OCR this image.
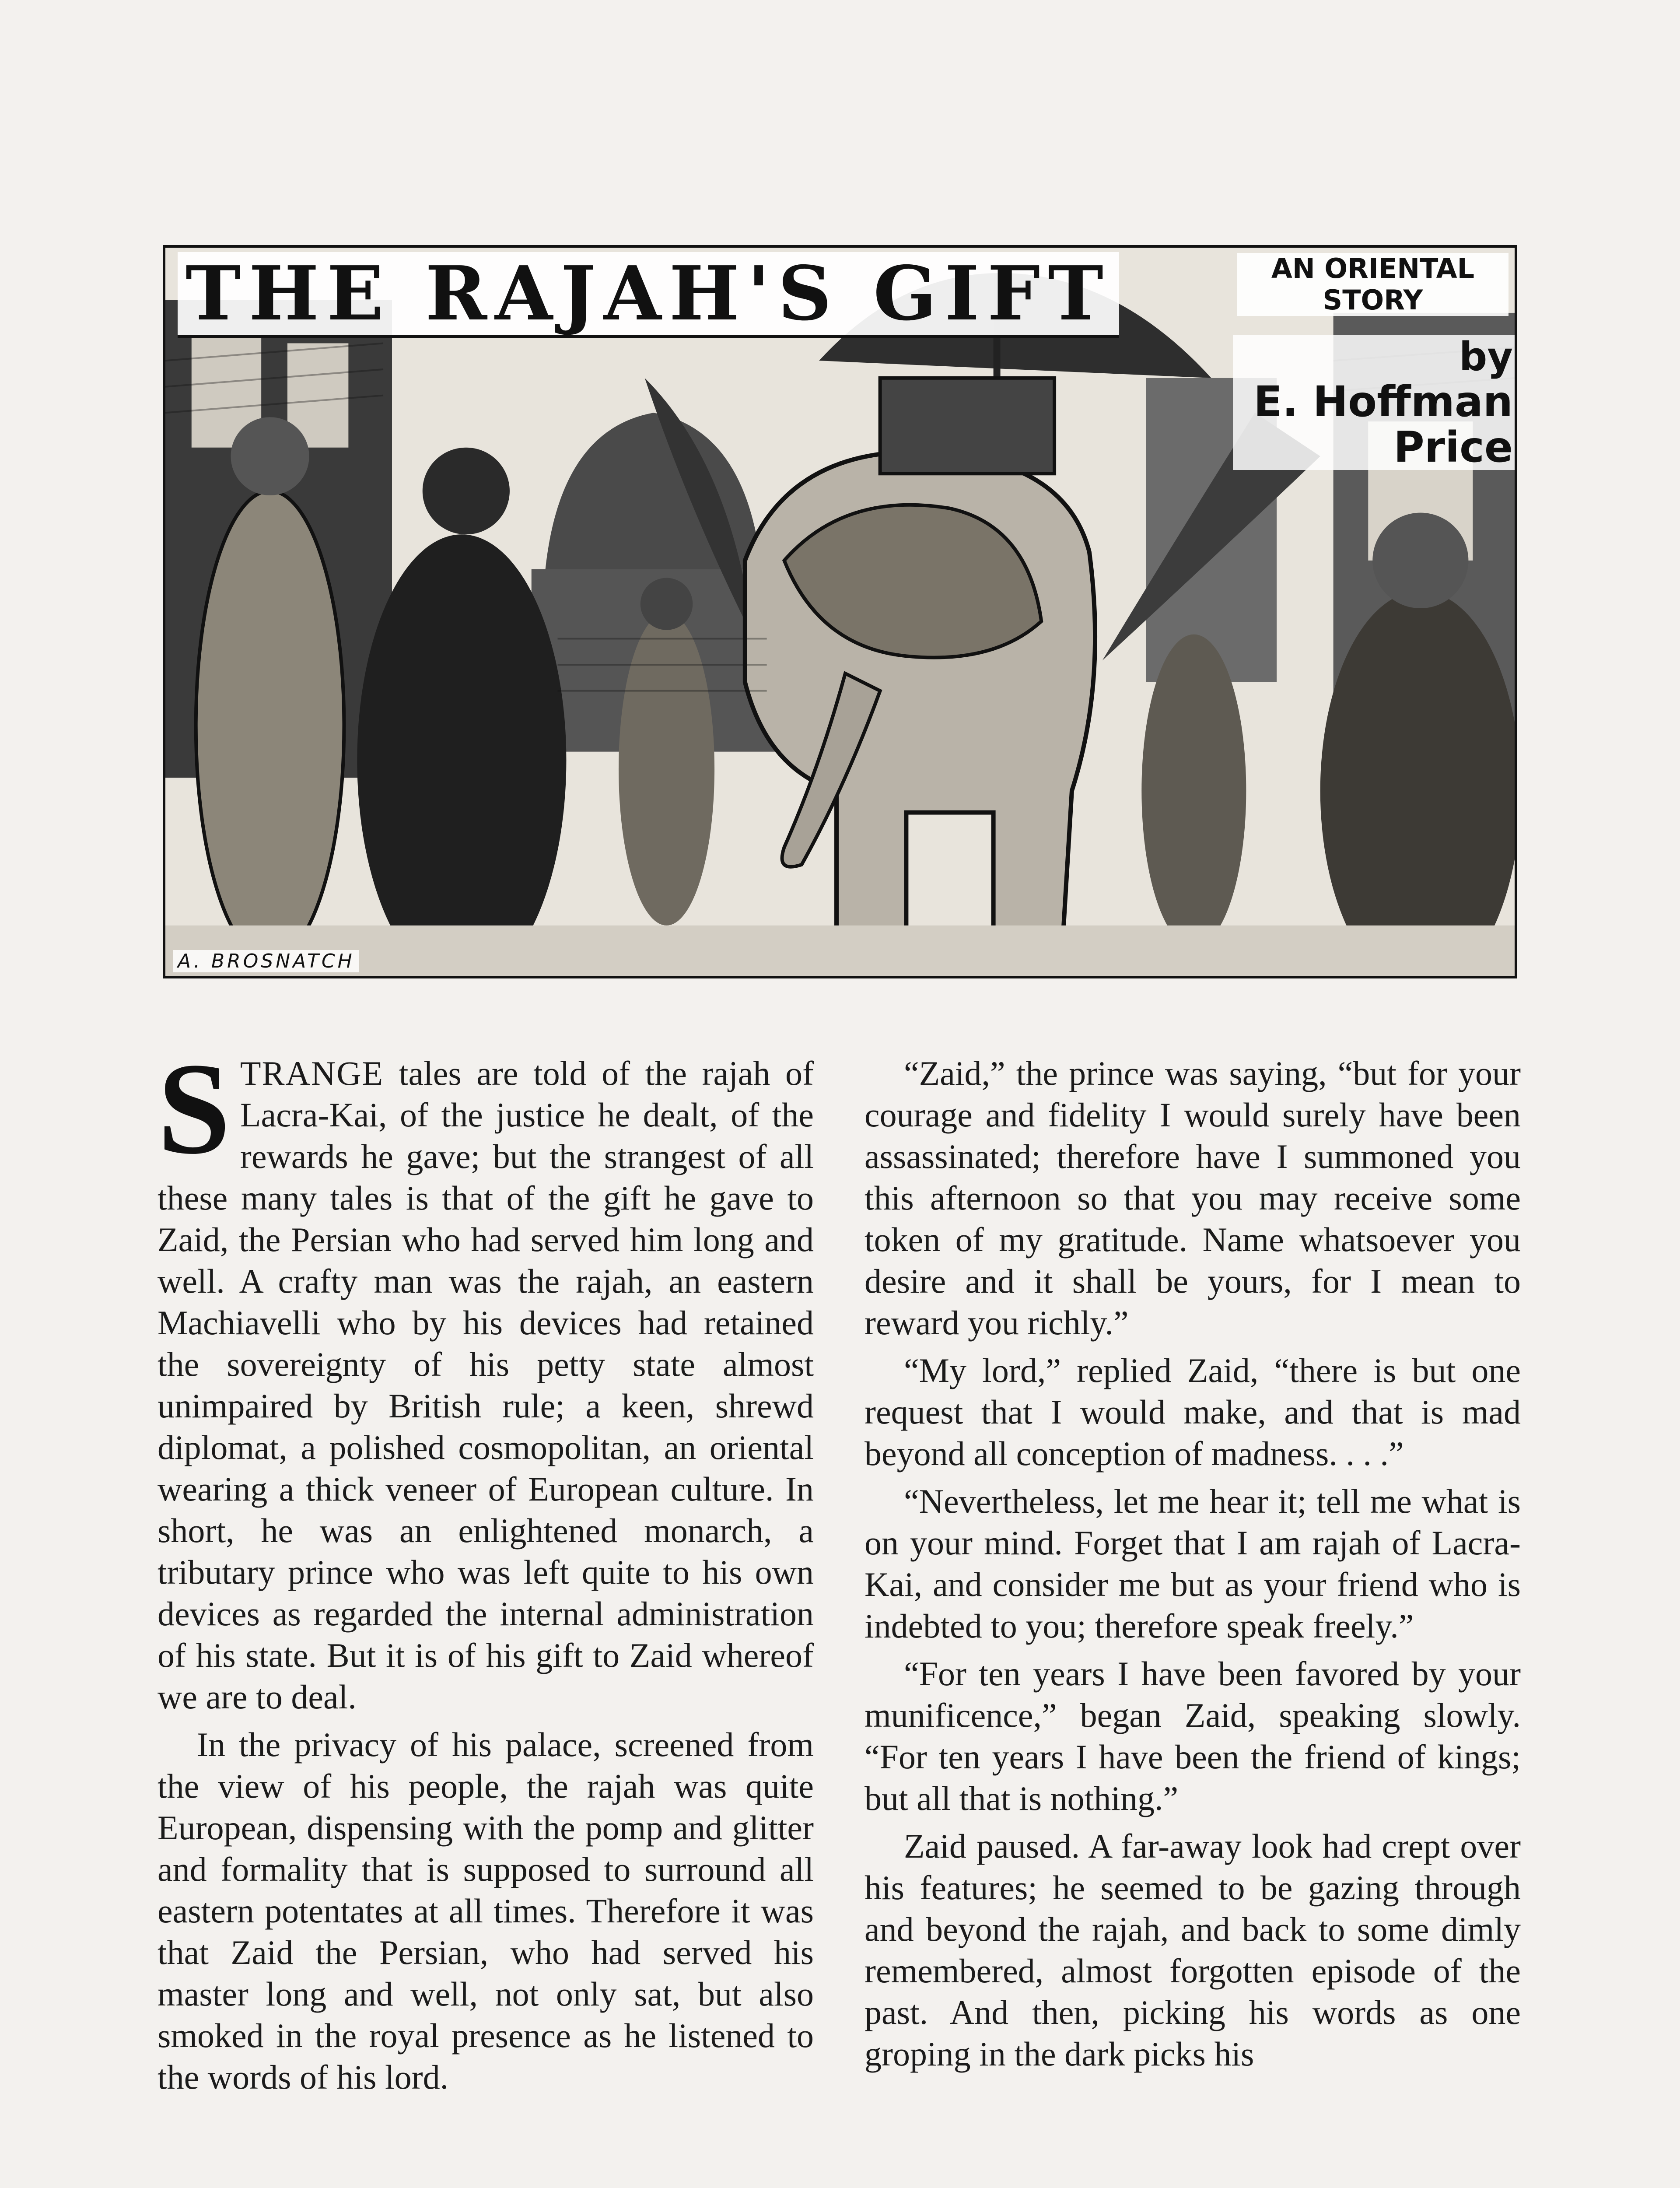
THE RAJAH'S GIFT	AN ORIENTAL
STORY
by
E. Hoffman
Price
A. BROSNATCH

STRANGE tales are told of the rajah of Lacra-Kai, of the justice he dealt, of the rewards he gave; but the strangest of all these many tales is that of the gift he gave to Zaid, the Persian who had served him long and well. A crafty man was the rajah, an eastern Machiavelli who by his devices had retained the sovereignty of his petty state almost unimpaired by British rule; a keen, shrewd diplomat, a polished cosmopolitan, an oriental wearing a thick veneer of European culture. In short, he was an enlightened monarch, a tributary prince who was left quite to his own devices as regarded the internal administration of his state. But it is of his gift to Zaid whereof we are to deal.

In the privacy of his palace, screened from the view of his people, the rajah was quite European, dispensing with the pomp and glitter and formality that is supposed to surround all eastern potentates at all times. Therefore it was that Zaid the Persian, who had served his master long and well, not only sat, but also smoked in the royal presence as he listened to the words of his lord.

“Zaid,” the prince was saying, “but for your courage and fidelity I would surely have been assassinated; therefore have I summoned you this afternoon so that you may receive some token of my gratitude. Name whatsoever you desire and it shall be yours, for I mean to reward you richly.”

“My lord,” replied Zaid, “there is but one request that I would make, and that is mad beyond all conception of madness. . . .”

“Nevertheless, let me hear it; tell me what is on your mind. Forget that I am rajah of Lacra-Kai, and consider me but as your friend who is indebted to you; therefore speak freely.”

“For ten years I have been favored by your munificence,” began Zaid, speaking slowly. “For ten years I have been the friend of kings; but all that is nothing.”

Zaid paused. A far-away look had crept over his features; he seemed to be gazing through and beyond the rajah, and back to some dimly remembered, almost forgotten episode of the past. And then, picking his words as one groping in the dark picks his
